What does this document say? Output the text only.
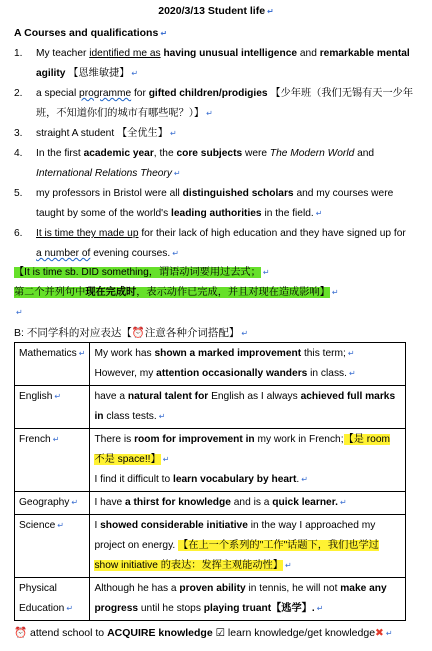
2020/3/13 Student life ↵
A Courses and qualifications ↵
1. My teacher identified me as having unusual intelligence and remarkable mental agility 【恩维敏捷】 ↵
2. a special programme for gifted children/prodigies 【少年班（我们无锡有天一少年班，不知道你们的城市有哪些呢？）】 ↵
3. straight A student 【全优生】 ↵
4. In the first academic year, the core subjects were The Modern World and International Relations Theory ↵
5. my professors in Bristol were all distinguished scholars and my courses were taught by some of the world's leading authorities in the field. ↵
6. It is time they made up for their lack of high education and they have signed up for a number of evening courses. ↵
【It is time sb. DID something，谓语动词要用过去式； ↵
第二个并列句中现在完成时，表示动作已完成，并且对现在造成影响】 ↵
↵
B: 不同学科的对应表达【⏰注意各种介词搭配】 ↵
Mathematics ↵	My work has shown a marked improvement this term; ↵
However, my attention occasionally wanders in class. ↵
English ↵	have a natural talent for English as I always achieved full marks in class tests. ↵
French ↵	There is room for improvement in my work in French;【是 room 不是 space!!】 ↵
I find it difficult to learn vocabulary by heart. ↵
Geography ↵	I have a thirst for knowledge and is a quick learner. ↵
Science ↵	I showed considerable initiative in the way I approached my project on energy. 【在上一个系列的"工作"话题下，我们也学过 show initiative 的表达：发挥主观能动性】 ↵
Physical Education ↵	Although he has a proven ability in tennis, he will not make any progress until he stops playing truant【逃学】. ↵
⏰ attend school to ACQUIRE knowledge ☑ learn knowledge/get knowledge✖ ↵
